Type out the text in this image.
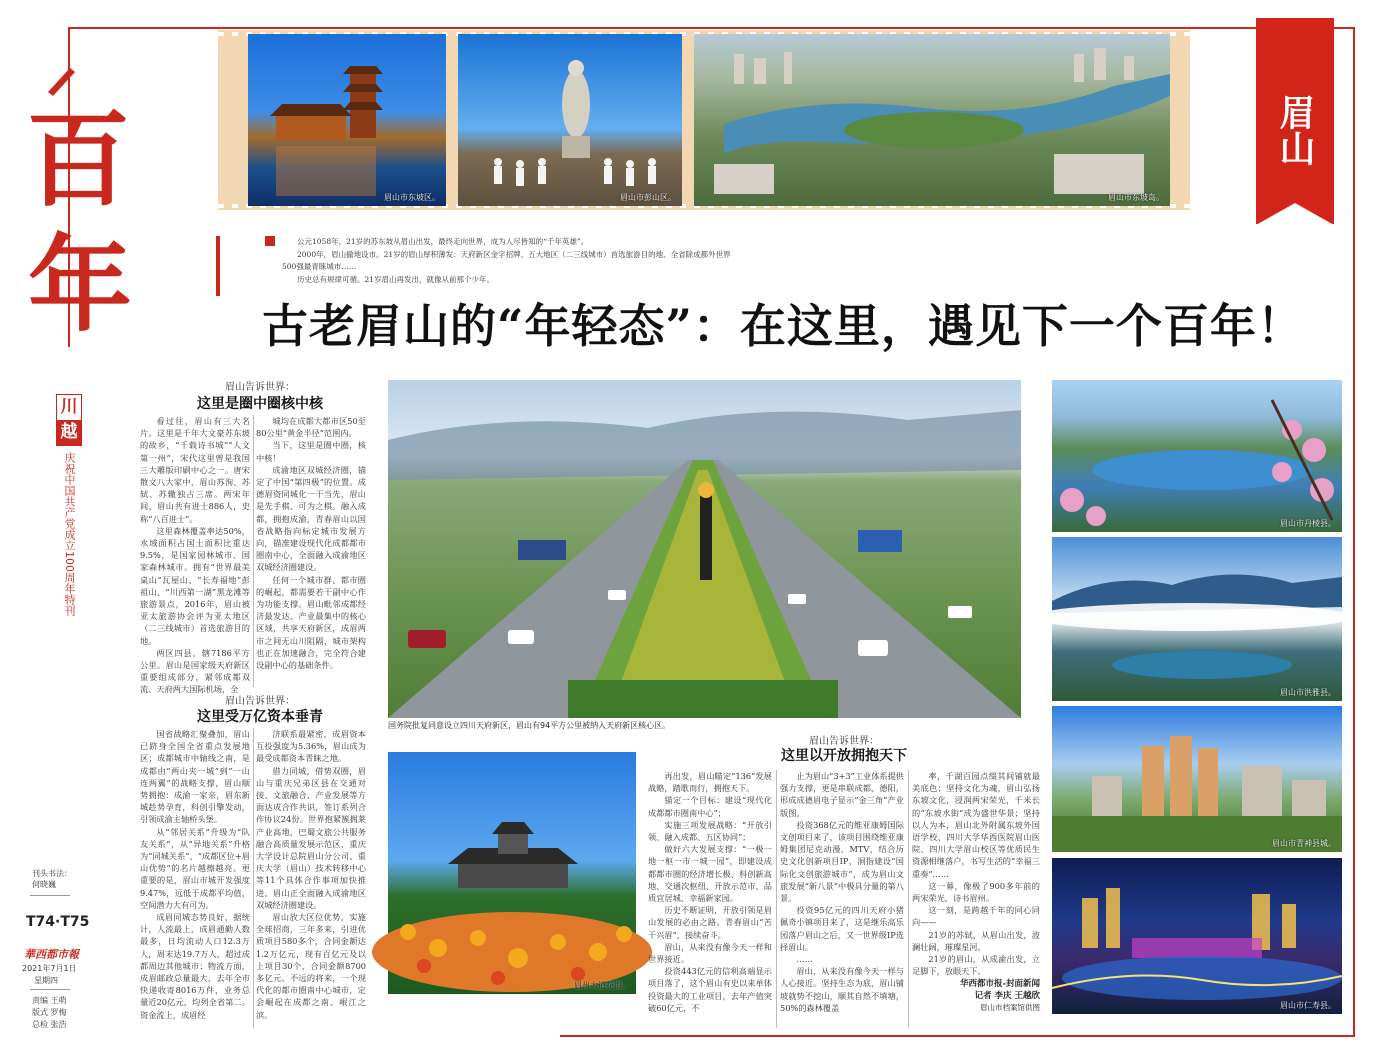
百
年
川
越
庆祝中国共产党成立100周年特刊
刊头书法：
何晓巍
T74·T75
華西都市報
2021年7月1日
星期四
责编 王萌
版式 罗梅
总检 张浩
眉山
眉山市东坡区。	眉山市彭山区。	眉山市东坡岛。

公元1058年，21岁的苏东坡从眉山出发，最终走向世界，成为人尽皆知的“千年英雄”。

2000年，眉山撤地设市。21岁的眉山厚积薄发：天府新区金字招牌、五大地区（二三线城市）首选旅游目的地、全省除成都外世界500强最青睐城市……

历史总有规律可循。21岁眉山再发出，就像从前那个少年。

古老眉山的“年轻态”：在这里，遇见下一个百年！
眉山告诉世界：
这里是圈中圈核中核

看过往，眉山有三大名片。这里是千年大文豪苏东坡的故乡，“千载诗书城”“人文第一州”，宋代这里曾是我国三大雕版印刷中心之一。唐宋散文八大家中，眉山苏洵、苏轼、苏辙独占三席。两宋年间，眉山共有进士886人，史称“八百进士”。

这里森林覆盖率达50%，水域面积占国土面积比重达9.5%，是国家园林城市、国家森林城市。拥有“世界最美桌山”瓦屋山、“长寿福地”彭祖山、“川西第一湖”黑龙滩等旅游景点，2016年，眉山被亚太旅游协会评为亚太地区（二三线城市）首选旅游目的地。

两区四县，辖7186平方公里。眉山是国家级天府新区重要组成部分，紧邻成都双流、天府两大国际机场，全

城均在成都大都市区50至80公里“黄金半径”范围内。

当下，这里是圈中圈，核中核！

成渝地区双城经济圈，锚定了中国“第四极”的位置。成德眉资同城化一干当先，眉山是先手棋、可为之棋。融入成都，拥抱成渝，青春眉山以国省战略指向标定城市发展方向，锚准建设现代化成都都市圈南中心，全面融入成渝地区双城经济圈建设。

任何一个城市群、都市圈的崛起，都需要若干副中心作为功能支撑。眉山毗邻成都经济最发达、产业最集中的核心区域，共享天府新区，成眉两市之间无山川阻隔，城市架构也正在加速融合，完全符合建设副中心的基础条件。

眉山告诉世界：
这里受万亿资本垂青

国省战略汇聚叠加，眉山已跻身全国全省重点发展地区；成都城市中轴线之南，是成都由“两山夹一城”到“一山连两翼”的战略支撑，眉山顺势拥抱：成渝一家亲，眉东新城趁势孕育，科创引擎发动，引领成渝主轴桥头堡。

从“邻居关系”升级为“队友关系”，从“异地关系”升格为“同城关系”，“成都区位+眉山优势”的名片越擦越亮。更重要的是，眉山市城开发强度9.47%，远低于成都平均值，空间潜力大有可为。

成眉同城态势良好，据统计，人流最上，成眉通勤人数最多，日均流动人口12.3万人，周末达19.7万人，超过成都周边其他城市；物流方面，成眉邮政总量最大，去年全市快递收寄8016万件，业务总量近20亿元，均列全省第二。资金流上，成眉经

济联系最紧密，成眉资本互投强度为5.36%，眉山成为最受成都资本青睐之地。

借力同城，借势双圈，眉山与重庆兄弟区县在交通对接、文旅融合、产业发展等方面达成合作共识，签订系列合作协议24份。世界抱紧簇拥莱产业高地，巴蜀文旅公共服务融合高质量发展示范区，重庆大学设计总院眉山分公司、重庆大学（眉山）技术转移中心等11个具体合作事项加快推进，眉山正全面融入成渝地区双城经济圈建设。

眉山放大区位优势，实施全球招商，三年多来，引进优质项目580多个，合同金额达1.2万亿元，现有百亿元及以上项目30个，合同金额8700多亿元。不远的将来，一个现代化的都市圈南中心城市，定会崛起在成都之南、岷江之滨。

国务院批复同意设立四川天府新区，眉山有94平方公里被纳入天府新区核心区。
眉州大道花海。
眉山告诉世界：
这里以开放拥抱天下

再出发，眉山瞄定“136”发展战略，踏歌而行，拥抱天下。

锚定一个目标：建设“现代化成都都市圈南中心”；

实施三项发展战略：“开放引领、融入成都、五区协同”；

做好六大发展支撑：“一极一地一枢一市一城一园”，即建设成都都市圈的经济增长极、科创新高地、交通次枢纽、开放示范市、品质宜居城、幸福新家园。

历史不断证明，开放引领是眉山发展的必由之路。青春眉山“苦干兴眉”，接续奋斗。

眉山，从来没有像今天一样和世界接近。

投资443亿元的信利高端显示项目落了，这个眉山有史以来单体投资最大的工业项目，去年产值突破60亿元，不

止为眉山“3+3”工业体系提供强力支撑，更是串联成都、德阳，形成成德眉电子显示“金三角”产业版图。

投资368亿元的维亚康姆国际文创项目来了，该项目围绕维亚康姆集团尼克动漫、MTV，结合历史文化创新项目IP，洞指建设“国际化文创旅游城市”，成为眉山文旅发展“新八景”中极具分量的第八景。

投资95亿元的四川天府小猪佩奇小镇项目来了，这是继乐高乐园落户眉山之后，又一世界级IP选择眉山。

……

眉山，从来没有像今天一样与人心接近。坚持生态为底，眉山铺坡就势不挖山，顺其自然不填塘，50%的森林覆盖

率，千湖百园点缀其间铺就最美底色；坚持文化为魂，眉山弘扬东坡文化，浸润两宋荣光，千米长的“东坡水街”成为盛世华景；坚持以人为本，眉山北外附属东坡外国语学校、四川大学华西医院眉山医院、四川大学眉山校区等优质民生资源相继落户，书写生活的“幸福三重奏”……

这一幕，像极了900多年前的两宋荣光，诗书眉州。

这一刻，是跨越千年的同心同向——

21岁的苏轼，从眉山出发，波澜壮阔，璀璨星河。

21岁的眉山，从成渝出发，立足脚下，放眼天下。

华西都市报-封面新闻
记者 李庆 王越欣
眉山市档案馆供图
眉山市丹棱县。
眉山市洪雅县。
眉山市青神县城。
眉山市仁寿县。
